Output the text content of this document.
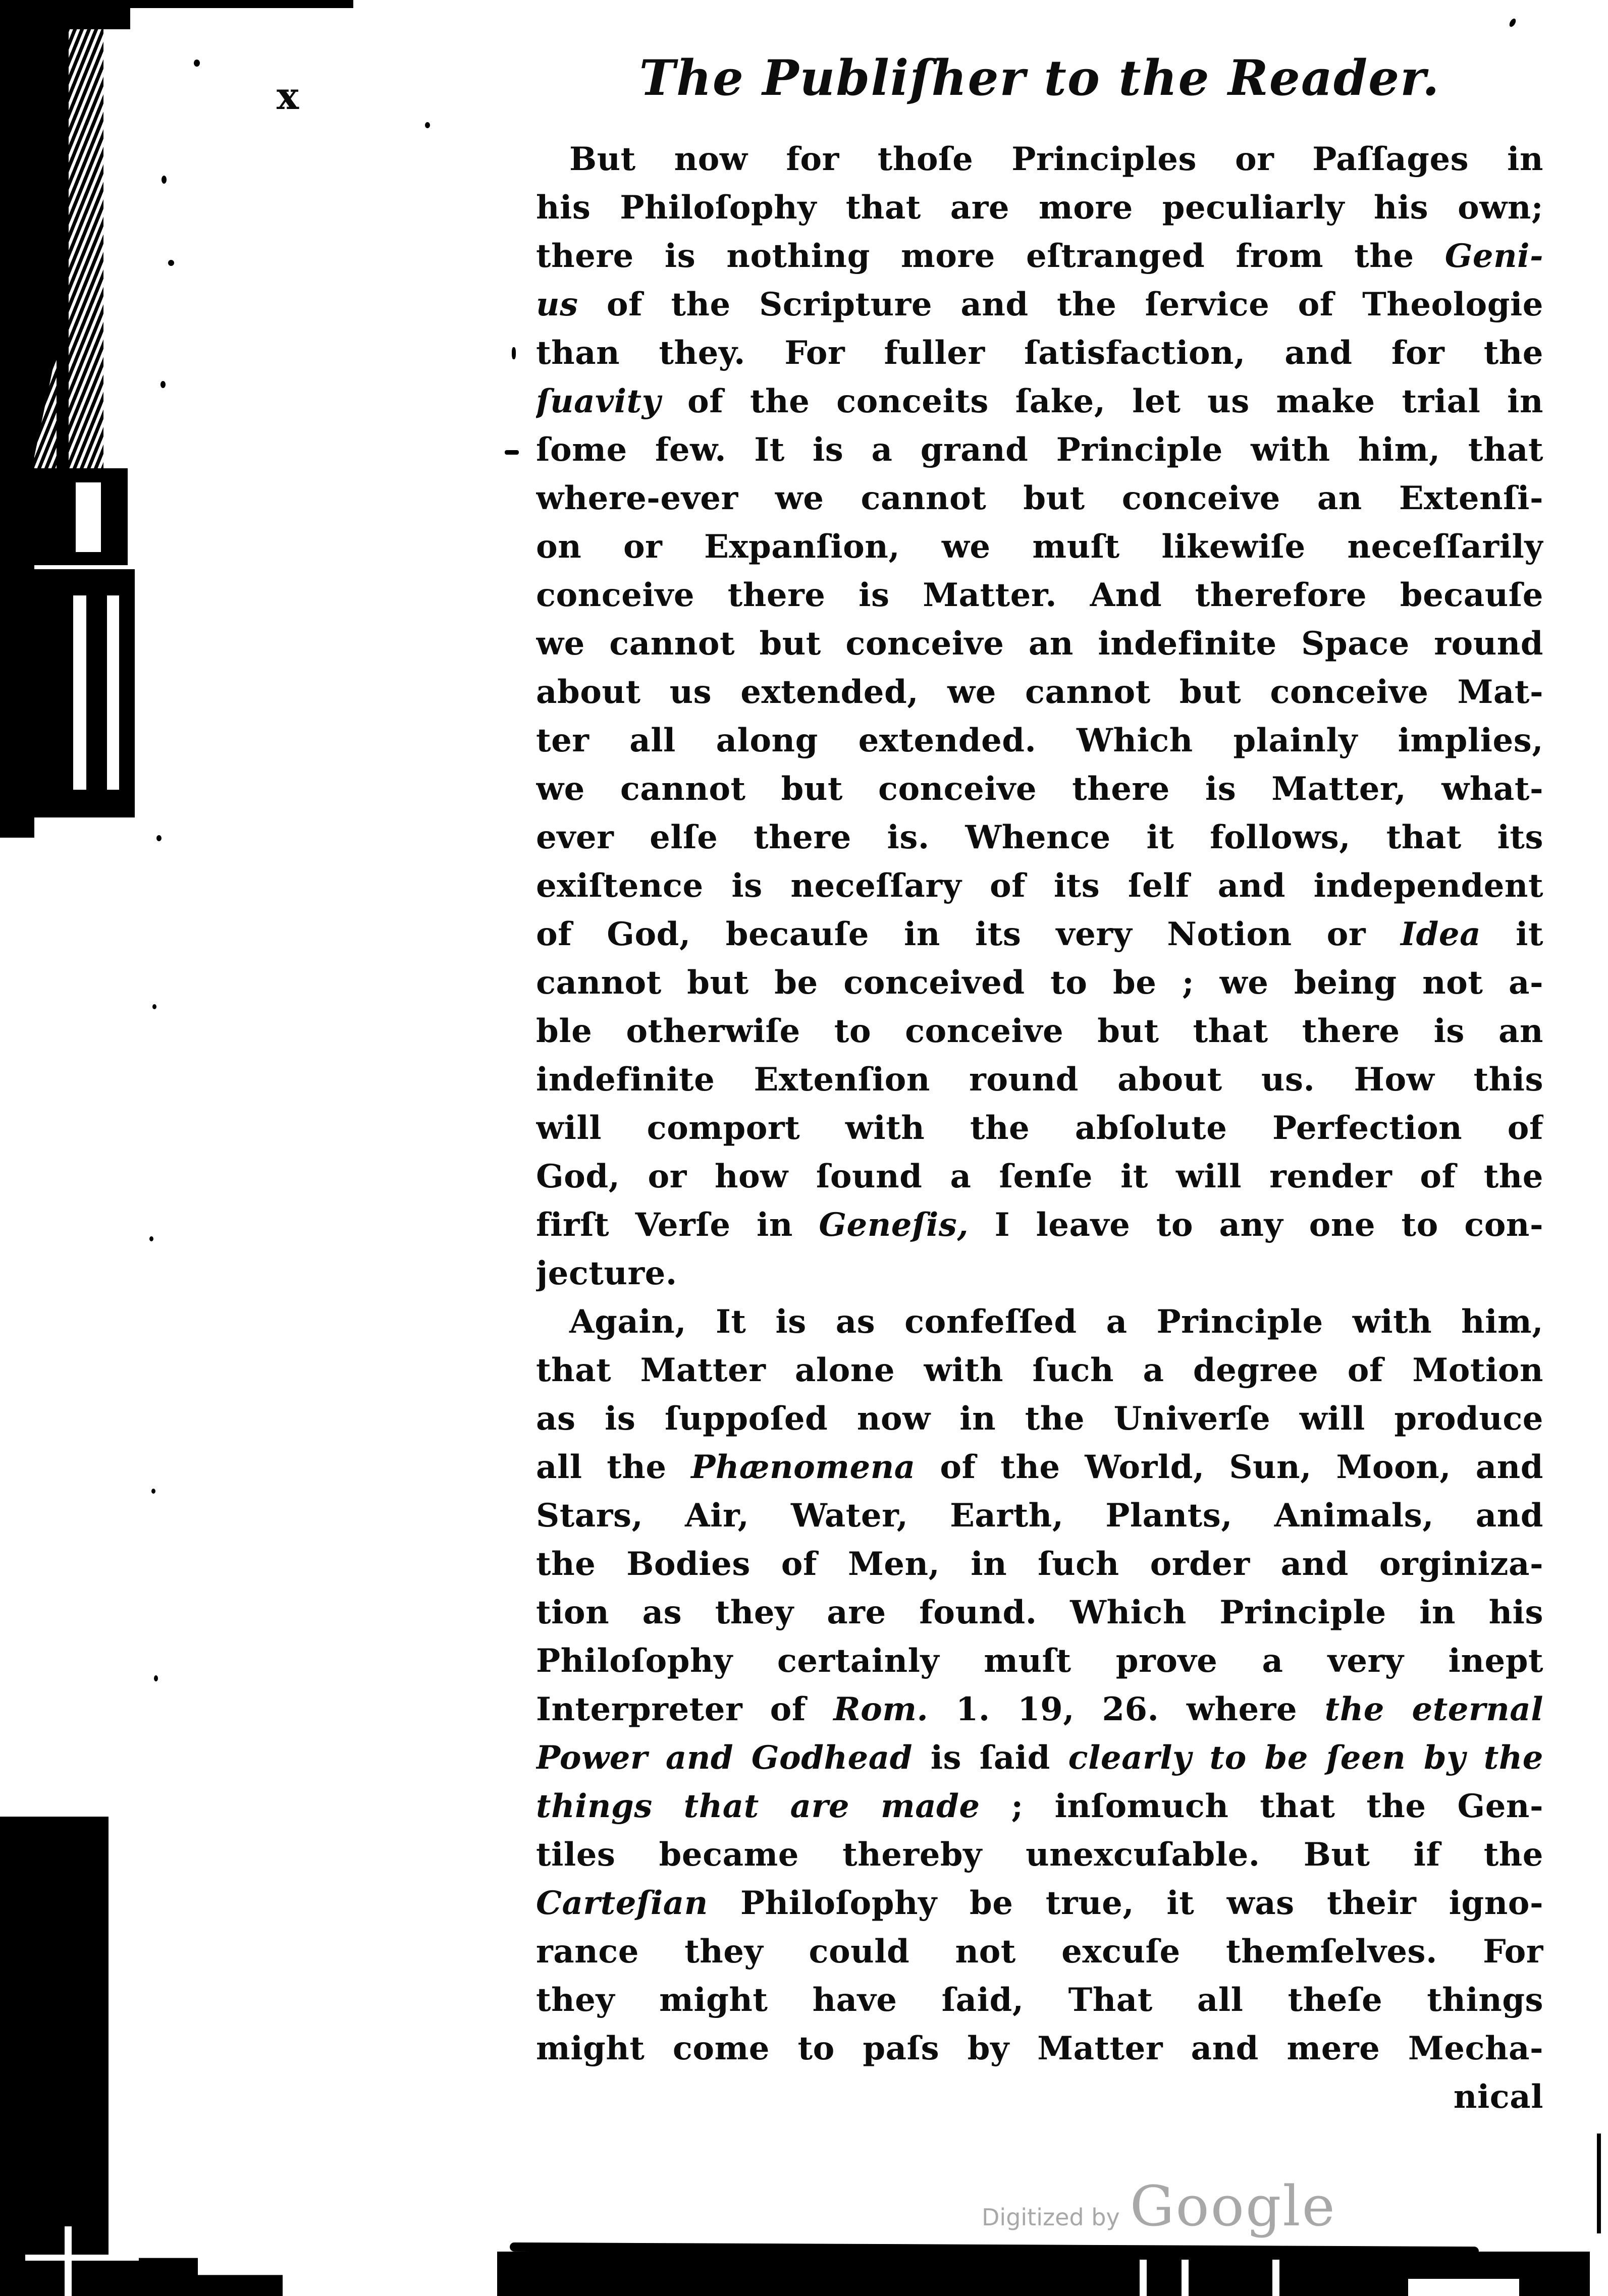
x	The Publiſher to the Reader.
But now for thoſe Principles or Paſſages in
his Philoſophy that are more peculiarly his own;
there is nothing more eſtranged from the Geni-
us of the Scripture and the ſervice of Theologie
than they. For fuller ſatisfaction, and for the
ſuavity of the conceits ſake, let us make trial in
ſome few. It is a grand Principle with him, that
where-ever we cannot but conceive an Extenſi-
on or Expanſion, we muſt likewiſe neceſſarily
conceive there is Matter. And therefore becauſe
we cannot but conceive an indefinite Space round
about us extended, we cannot but conceive Mat-
ter all along extended. Which plainly implies,
we cannot but conceive there is Matter, what-
ever elſe there is. Whence it follows, that its
exiſtence is neceſſary of its ſelf and independent
of God, becauſe in its very Notion or Idea it
cannot but be conceived to be ; we being not a-
ble otherwiſe to conceive but that there is an
indefinite Extenſion round about us. How this
will comport with the abſolute Perfection of
God, or how ſound a ſenſe it will render of the
firſt Verſe in Geneſis, I leave to any one to con-
jecture.
Again, It is as confeſſed a Principle with him,
that Matter alone with ſuch a degree of Motion
as is ſuppoſed now in the Univerſe will produce
all the Phænomena of the World, Sun, Moon, and
Stars, Air, Water, Earth, Plants, Animals, and
the Bodies of Men, in ſuch order and orginiza-
tion as they are found. Which Principle in his
Philoſophy certainly muſt prove a very inept
Interpreter of Rom. 1. 19, 26. where the eternal
Power and Godhead is ſaid clearly to be ſeen by the
things that are made ; inſomuch that the Gen-
tiles became thereby unexcuſable. But if the
Carteſian Philoſophy be true, it was their igno-
rance they could not excuſe themſelves. For
they might have ſaid, That all theſe things
might come to paſs by Matter and mere Mecha-
nical
Digitized by Google
